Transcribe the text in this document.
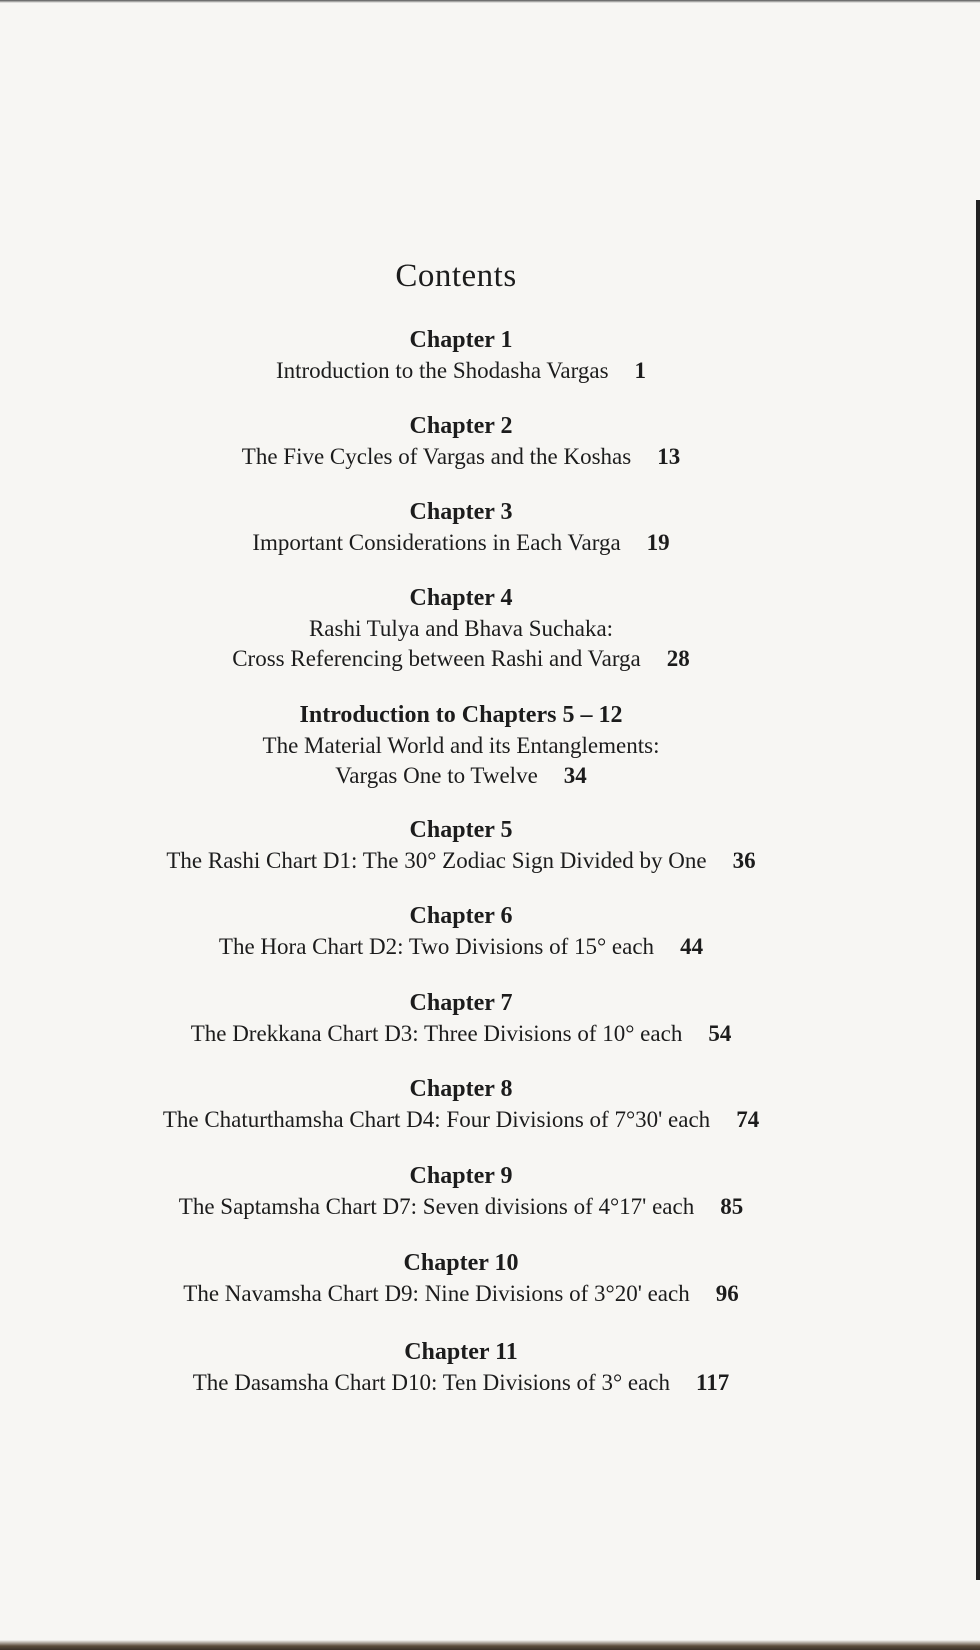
Contents
Chapter 1
Introduction to the Shodasha Vargas 1
Chapter 2
The Five Cycles of Vargas and the Koshas 13
Chapter 3
Important Considerations in Each Varga 19
Chapter 4
Rashi Tulya and Bhava Suchaka:
Cross Referencing between Rashi and Varga 28
Introduction to Chapters 5 – 12
The Material World and its Entanglements:
Vargas One to Twelve 34
Chapter 5
The Rashi Chart D1: The 30° Zodiac Sign Divided by One 36
Chapter 6
The Hora Chart D2: Two Divisions of 15° each 44
Chapter 7
The Drekkana Chart D3: Three Divisions of 10° each 54
Chapter 8
The Chaturthamsha Chart D4: Four Divisions of 7°30' each 74
Chapter 9
The Saptamsha Chart D7: Seven divisions of 4°17' each 85
Chapter 10
The Navamsha Chart D9: Nine Divisions of 3°20' each 96
Chapter 11
The Dasamsha Chart D10: Ten Divisions of 3° each 117
